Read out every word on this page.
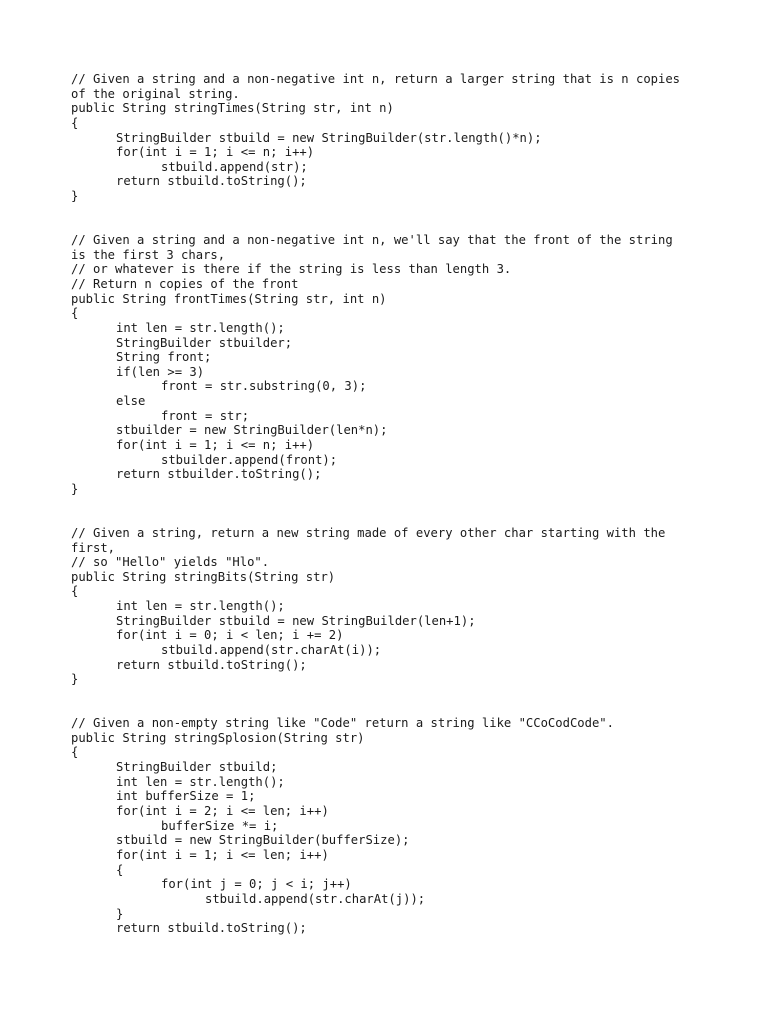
// Given a string and a non-negative int n, return a larger string that is n copies
of the original string.
public String stringTimes(String str, int n)
{
StringBuilder stbuild = new StringBuilder(str.length()*n);
for(int i = 1; i <= n; i++)
stbuild.append(str);
return stbuild.toString();
}
// Given a string and a non-negative int n, we'll say that the front of the string
is the first 3 chars,
// or whatever is there if the string is less than length 3.
// Return n copies of the front
public String frontTimes(String str, int n)
{
int len = str.length();
StringBuilder stbuilder;
String front;
if(len >= 3)
front = str.substring(0, 3);
else
front = str;
stbuilder = new StringBuilder(len*n);
for(int i = 1; i <= n; i++)
stbuilder.append(front);
return stbuilder.toString();
}
// Given a string, return a new string made of every other char starting with the
first,
// so "Hello" yields "Hlo".
public String stringBits(String str)
{
int len = str.length();
StringBuilder stbuild = new StringBuilder(len+1);
for(int i = 0; i < len; i += 2)
stbuild.append(str.charAt(i));
return stbuild.toString();
}
// Given a non-empty string like "Code" return a string like "CCoCodCode".
public String stringSplosion(String str)
{
StringBuilder stbuild;
int len = str.length();
int bufferSize = 1;
for(int i = 2; i <= len; i++)
bufferSize *= i;
stbuild = new StringBuilder(bufferSize);
for(int i = 1; i <= len; i++)
{
for(int j = 0; j < i; j++)
stbuild.append(str.charAt(j));
}
return stbuild.toString();
